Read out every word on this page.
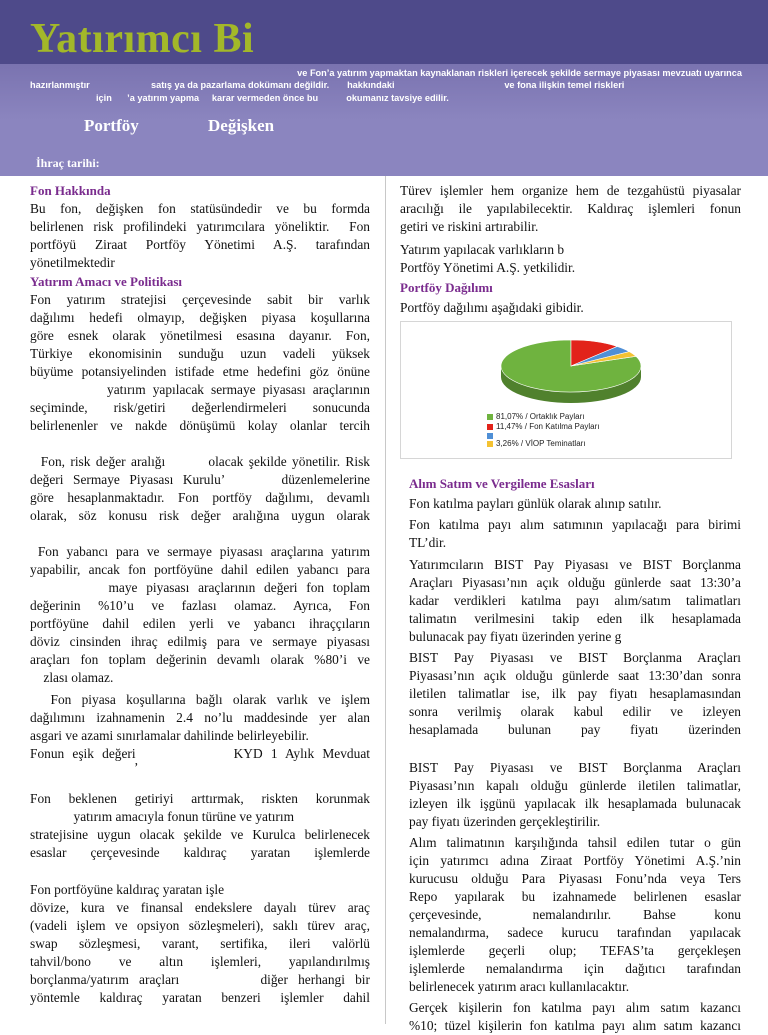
Yatırımcı Bi
ve Fon’a yatırım yapmaktan kaynaklanan riskleri içerecek şekilde sermaye piyasası mevzuatı uyarınca
hazırlanmıştır                        satış ya da pazarlama dokümanı değildir.       hakkındaki                                           ve fona ilişkin temel riskleri
için      ’a yatırım yapma     karar vermeden önce bu           okumanız tavsiye edilir.
Portföy	Değişken
İhraç tarihi:
Fon Hakkında
Bu fon, değişken fon statüsündedir ve bu formda
belirlenen risk profilindeki yatırımcılara yöneliktir.  Fon
portföyü Ziraat Portföy Yönetimi A.Ş. tarafından
yönetilmektedir
Yatırım Amacı ve Politikası
Fon yatırım stratejisi çerçevesinde sabit bir varlık
dağılımı hedefi olmayıp, değişken piyasa koşullarına
göre esnek olarak yönetilmesi esasına dayanır. Fon,
Türkiye ekonomisinin sunduğu uzun vadeli yüksek
büyüme potansiyelinden istifade etme hedefini göz önüne
yatırım yapılacak sermaye piyasası araçlarının
seçiminde, risk/getiri değerlendirmeleri sonucunda
belirlenenler ve nakde dönüşümü kolay olanlar tercih
Fon, risk değer aralığı        olacak şekilde yönetilir. Risk
değeri Sermaye Piyasası Kurulu’      düzenlemelerine
göre hesaplanmaktadır. Fon portföy dağılımı, devamlı
olarak, söz konusu risk değer aralığına uygun olarak
Fon yabancı para ve sermaye piyasası araçlarına yatırım
yapabilir, ancak fon portföyüne dahil edilen yabancı para
maye piyasası araçlarının değeri fon toplam
değerinin %10’u ve fazlası olamaz. Ayrıca, Fon
portföyüne dahil edilen yerli ve yabancı ihraççıların
döviz cinsinden ihraç edilmiş para ve sermaye piyasası
araçları fon toplam değerinin devamlı olarak %80’i ve
zlası olamaz.
Fon piyasa koşullarına bağlı olarak varlık ve işlem
dağılımını izahnamenin 2.4 no’lu maddesinde yer alan
asgari ve azami sınırlamalar dahilinde belirleyebilir.
Fonun eşik değeri            KYD 1 Aylık Mevduat
’
Fon beklenen getiriyi arttırmak, riskten korunmak
yatırım amacıyla fonun türüne ve yatırım
stratejisine uygun olacak şekilde ve Kurulca belirlenecek
esaslar çerçevesinde kaldıraç yaratan işlemlerde
Fon portföyüne kaldıraç yaratan işle
dövize, kura ve finansal endekslere dayalı türev araç
(vadeli işlem ve opsiyon sözleşmeleri), saklı türev araç,
swap sözleşmesi, varant, sertifika, ileri valörlü
tahvil/bono ve altın işlemleri, yapılandırılmış
borçlanma/yatırım araçları        diğer herhangi bir
yöntemle kaldıraç yaratan benzeri işlemler dahil
Türev işlemler hem organize hem de tezgahüstü piyasalar
aracılığı ile yapılabilecektir. Kaldıraç işlemleri fonun
getiri ve riskini artırabilir.
Yatırım yapılacak varlıkların b
Portföy Yönetimi A.Ş. yetkilidir.
Portföy Dağılımı
Portföy dağılımı aşağıdaki gibidir.
81,07% / Ortaklık Payları
11,47% / Fon Katılma Payları
3,26% / VİOP Teminatları
Alım Satım ve Vergileme Esasları
Fon katılma payları günlük olarak alınıp satılır.
Fon katılma payı alım satımının yapılacağı para birimi
TL’dir.
Yatırımcıların BIST Pay Piyasası ve BIST Borçlanma
Araçları Piyasası’nın açık olduğu günlerde saat 13:30’a
kadar verdikleri katılma payı alım/satım talimatları
talimatın verilmesini takip eden ilk hesaplamada
bulunacak pay fiyatı üzerinden yerine g
BIST Pay Piyasası ve BIST Borçlanma Araçları
Piyasası’nın açık olduğu günlerde saat 13:30’dan sonra
iletilen talimatlar ise, ilk pay fiyatı hesaplamasından
sonra verilmiş olarak kabul edilir ve izleyen
hesaplamada bulunan pay fiyatı üzerinden
BIST Pay Piyasası ve BIST Borçlanma Araçları
Piyasası’nın kapalı olduğu günlerde iletilen talimatlar,
izleyen ilk işgünü yapılacak ilk hesaplamada bulunacak
pay fiyatı üzerinden gerçekleştirilir.
Alım talimatının karşılığında tahsil edilen tutar o gün
için yatırımcı adına Ziraat Portföy Yönetimi A.Ş.’nin
kurucusu olduğu Para Piyasası Fonu’nda veya Ters
Repo yapılarak bu izahnamede belirlenen esaslar
çerçevesinde,        nemalandırılır.     Bahse      konu
nemalandırma, sadece kurucu tarafından yapılacak
işlemlerde geçerli olup; TEFAS’ta gerçekleşen
işlemlerde nemalandırma için dağıtıcı tarafından
belirlenecek yatırım aracı kullanılacaktır.
Gerçek kişilerin fon katılma payı alım satım kazancı
%10; tüzel kişilerin fon katılma payı alım satım kazancı
